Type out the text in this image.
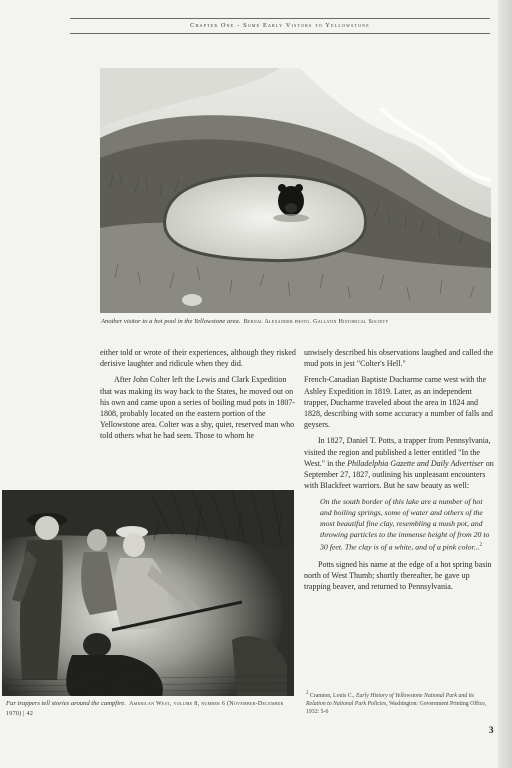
Chapter One - Some Early Vistors to Yellowstone
Another visitor to a hot pool in the Yellowstone area. Bernal Alexander photo. Gallatin Historical Society

either told or wrote of their experiences, although they risked derisive laughter and ridicule when they did.

After John Colter left the Lewis and Clark Expedition that was making its way back to the States, he moved out on his own and came upon a series of boiling mud pots in 1807-1808, probably located on the eastern portion of the Yellowstone area. Colter was a shy, quiet, reserved man who told others what he had seen. Those to whom he

unwisely described his observations laughed and called the mud pots in jest "Colter's Hell."

French-Canadian Baptiste Ducharme came west with the Ashley Expedition in 1819. Later, as an independent trapper, Ducharme traveled about the area in 1824 and 1828, describing with some accuracy a number of falls and geysers.

In 1827, Daniel T. Potts, a trapper from Pennsylvania, visited the region and published a letter entitled "In the West." in the Philadelphia Gazette and Daily Advertiser on September 27, 1827, outlining his unpleasant encounters with Blackfeet warriors. But he saw beauty as well:

On the south border of this lake are a number of hot and boiling springs, some of water and others of the most beautiful fine clay, resembling a mush pot, and throwing particles to the immense height of from 20 to 30 feet. The clay is of a white, and of a pink color...$^2$

Potts signed his name at the edge of a hot spring basin north of West Thumb; shortly thereafter, he gave up trapping beaver, and returned to Pennsylvania.

Fur trappers tell stories around the campfire. American West, volume 8, number 6 (November-December 1970) | 42
$^2$ Cramton, Louis C., Early History of Yellowstone National Park and its Relation to National Park Policies, Washington: Government Printing Office, 1932: 5-6
3
